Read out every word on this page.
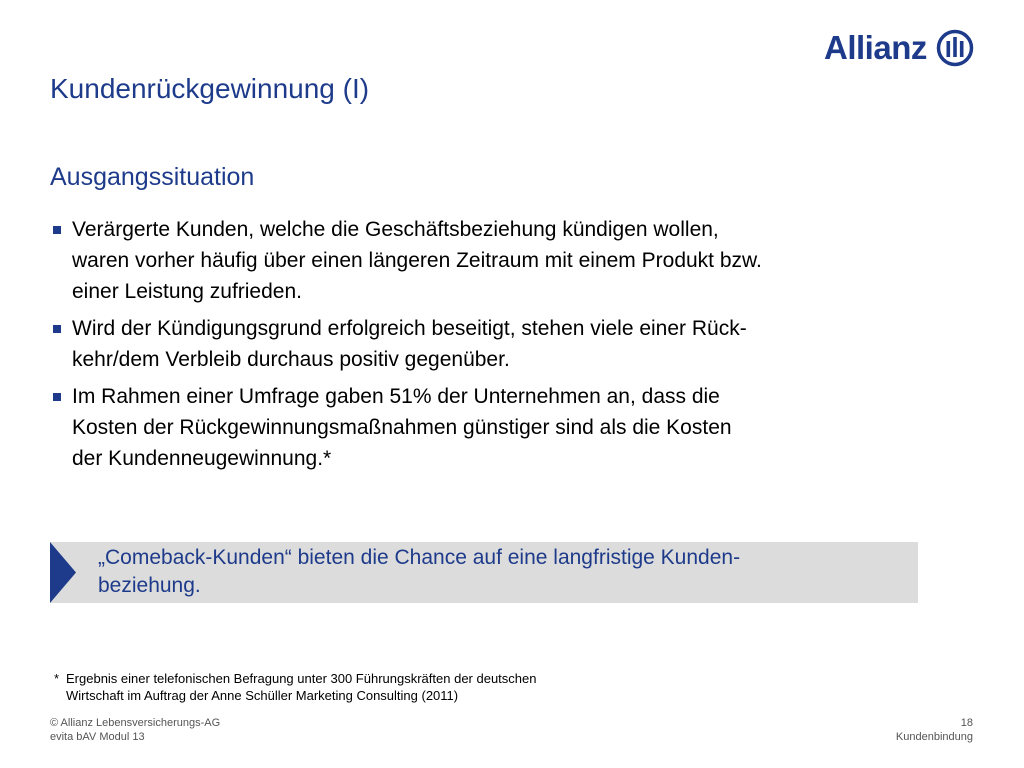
Allianz
Kundenrückgewinnung (I)
Ausgangssituation
Verärgerte Kunden, welche die Geschäftsbeziehung kündigen wollen,
waren vorher häufig über einen längeren Zeitraum mit einem Produkt bzw.
einer Leistung zufrieden.
Wird der Kündigungsgrund erfolgreich beseitigt, stehen viele einer Rück-
kehr/dem Verbleib durchaus positiv gegenüber.
Im Rahmen einer Umfrage gaben 51% der Unternehmen an, dass die
Kosten der Rückgewinnungsmaßnahmen günstiger sind als die Kosten
der Kundenneugewinnung.*
„Comeback-Kunden“ bieten die Chance auf eine langfristige Kunden-
beziehung.
* Ergebnis einer telefonischen Befragung unter 300 Führungskräften der deutschen
Wirtschaft im Auftrag der Anne Schüller Marketing Consulting (2011)
© Allianz Lebensversicherungs-AG
evita bAV Modul 13
18
Kundenbindung
